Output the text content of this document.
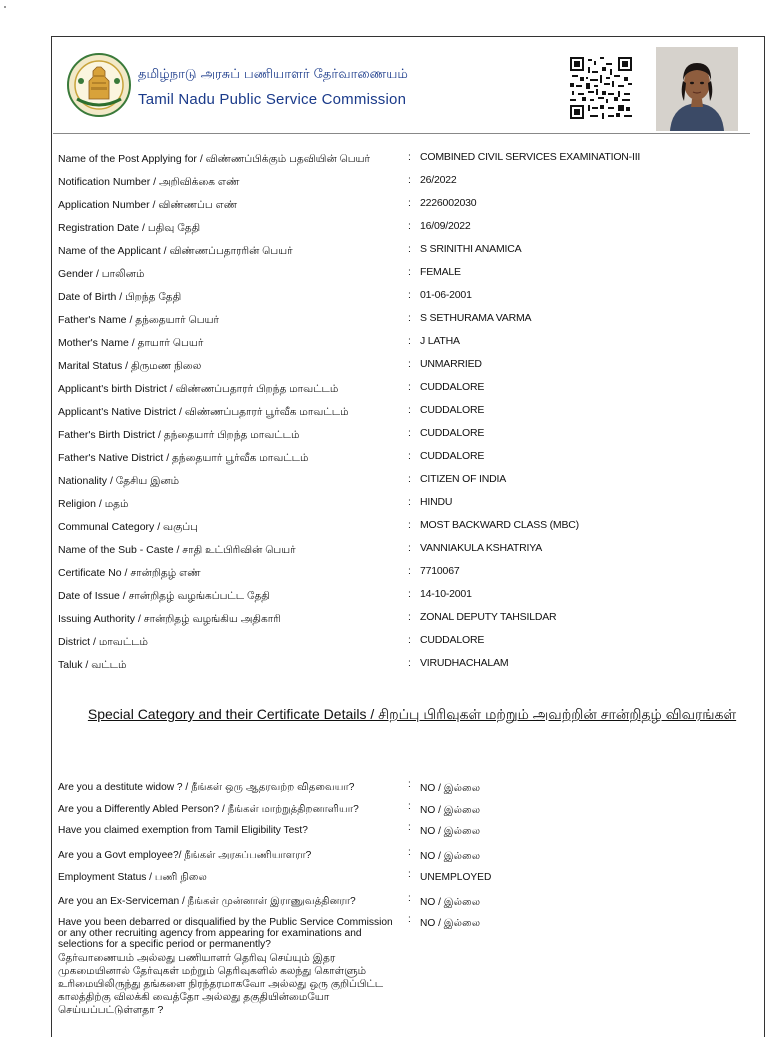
தமிழ்நாடு அரசுப் பணியாளர் தேர்வாணையம்
Tamil Nadu Public Service Commission
Name of the Post Applying for / விண்ணப்பிக்கும் பதவியின் பெயர்	: COMBINED CIVIL SERVICES EXAMINATION-III
Notification Number / அறிவிக்கை எண்	: 26/2022
Application Number / விண்ணப்ப எண்	: 2226002030
Registration Date / பதிவு தேதி	: 16/09/2022
Name of the Applicant / விண்ணப்பதாரரின் பெயர்	: S SRINITHI ANAMICA
Gender / பாலினம்	: FEMALE
Date of Birth / பிறந்த தேதி	: 01-06-2001
Father's Name / தந்தையார் பெயர்	: S SETHURAMA VARMA
Mother's Name / தாயார் பெயர்	: J LATHA
Marital Status / திருமண நிலை	: UNMARRIED
Applicant's birth District / விண்ணப்பதாரர் பிறந்த மாவட்டம்	: CUDDALORE
Applicant's Native District / விண்ணப்பதாரர் பூர்வீக மாவட்டம்	: CUDDALORE
Father's Birth District / தந்தையார் பிறந்த மாவட்டம்	: CUDDALORE
Father's Native District / தந்தையார் பூர்வீக மாவட்டம்	: CUDDALORE
Nationality / தேசிய இனம்	: CITIZEN OF INDIA
Religion / மதம்	: HINDU
Communal Category / வகுப்பு	: MOST BACKWARD CLASS (MBC)
Name of the Sub - Caste / சாதி உட்பிரிவின் பெயர்	: VANNIAKULA KSHATRIYA
Certificate No / சான்றிதழ் எண்	: 7710067
Date of Issue / சான்றிதழ் வழங்கப்பட்ட தேதி	: 14-10-2001
Issuing Authority / சான்றிதழ் வழங்கிய அதிகாரி	: ZONAL DEPUTY TAHSILDAR
District / மாவட்டம்	: CUDDALORE
Taluk / வட்டம்	: VIRUDHACHALAM
Special Category and their Certificate Details / சிறப்பு பிரிவுகள் மற்றும் அவற்றின் சான்றிதழ் விவரங்கள்
Are you a destitute widow ? / நீங்கள் ஒரு ஆதரவற்ற விதவையா?	: NO / இல்லை
Are you a Differently Abled Person? / நீங்கள் மாற்றுத்திறனாளியா?	: NO / இல்லை
Have you claimed exemption from Tamil Eligibility Test?	: NO / இல்லை
Are you a Govt employee?/ நீங்கள் அரசுப்பணியாளரா?	: NO / இல்லை
Employment Status / பணி நிலை	: UNEMPLOYED
Are you an Ex-Serviceman / நீங்கள் முன்னாள் இராணுவத்தினரா?	: NO / இல்லை
Have you been debarred or disqualified by the Public Service Commission or any other recruiting agency from appearing for examinations and selections for a specific period or permanently?
தேர்வாணையம் அல்லது பணியாளர் தெரிவு செய்யும் இதர முகமையினால் தேர்வுகள் மற்றும் தெரிவுகளில் கலந்து கொள்ளும் உரிமையிலிருந்து தங்களை நிரந்தரமாகவோ அல்லது ஒரு குறிப்பிட்ட காலத்திற்கு விலக்கி வைத்தோ அல்லது தகுதியின்மையோ செய்யப்பட்டுள்ளதா ?
: NO / இல்லை
